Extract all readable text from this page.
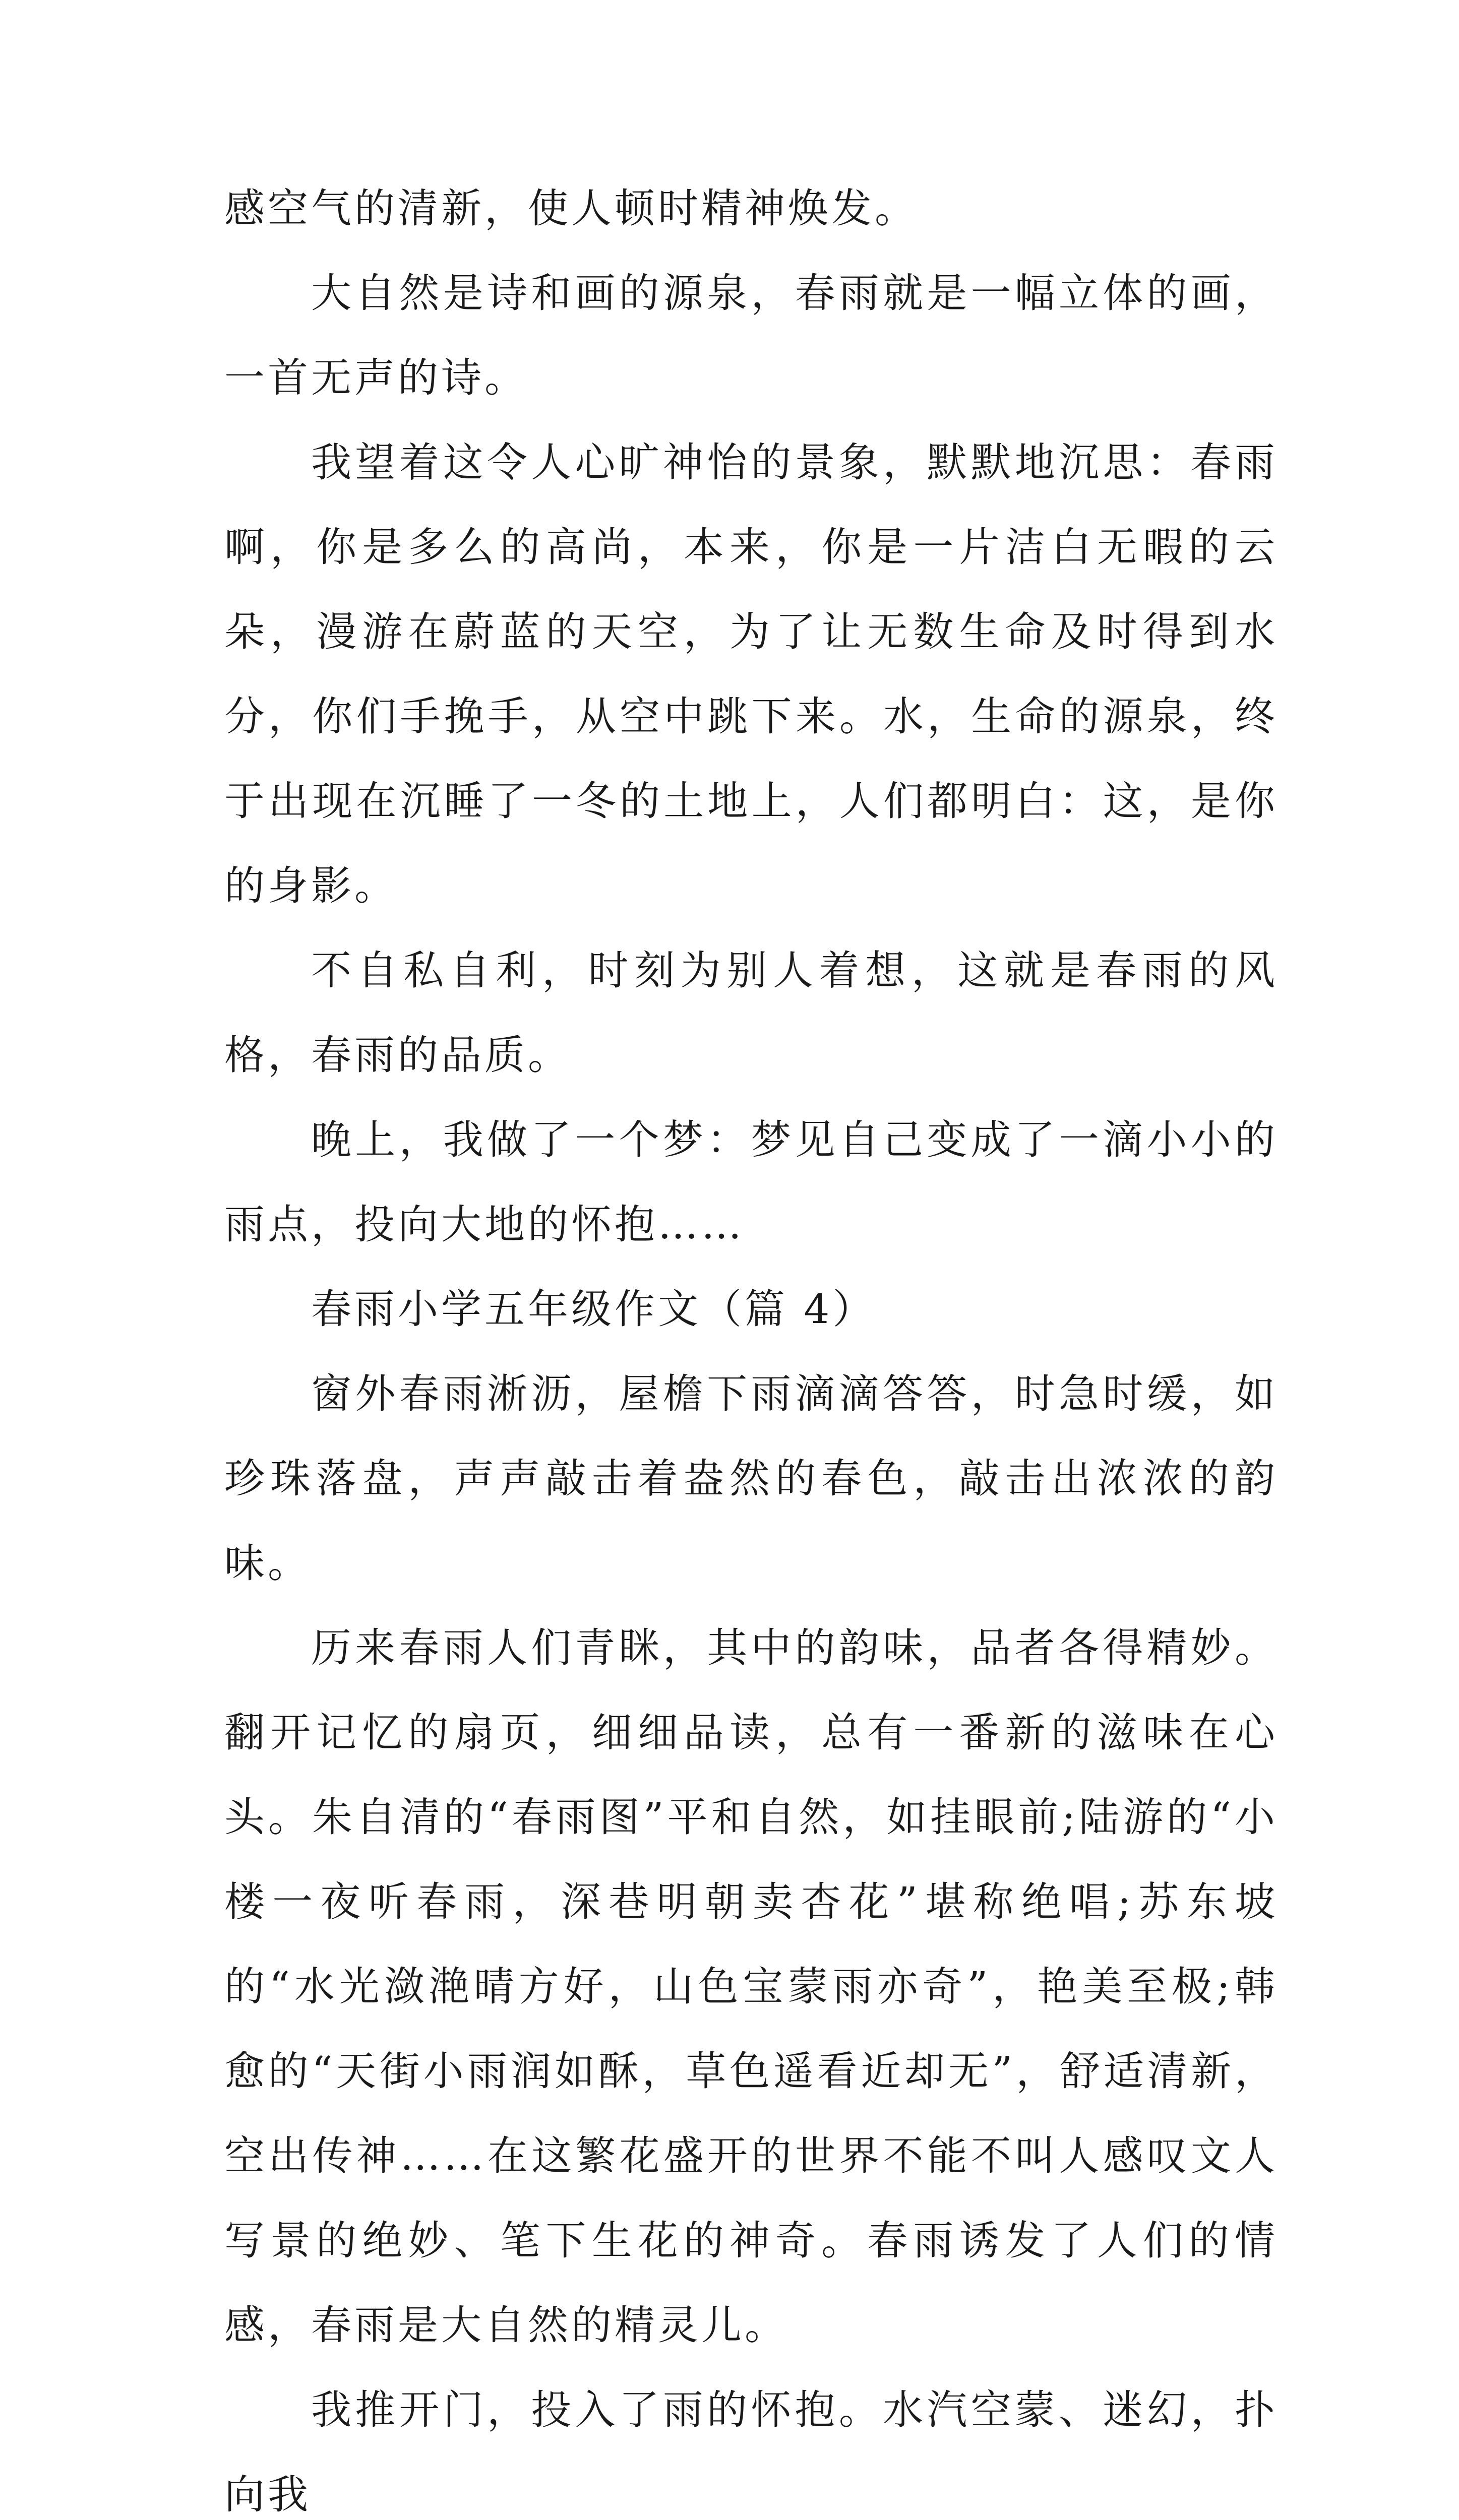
感空气的清新，使人顿时精神焕发。

大自然是诗和画的源泉，春雨就是一幅立体的画，一首无声的诗。

我望着这令人心旷神怡的景象，默默地沉思：春雨啊，你是多么的高尚，本来，你是一片洁白无暇的云朵，漫游在蔚蓝的天空，为了让无数生命及时得到水分，你们手挽手，从空中跳下来。水，生命的源泉，终于出现在沉睡了一冬的土地上，人们都明白：这，是你的身影。

不自私自利，时刻为别人着想，这就是春雨的风格，春雨的品质。

晚上，我做了一个梦：梦见自己变成了一滴小小的雨点，投向大地的怀抱……

春雨小学五年级作文（篇 4）

窗外春雨淅沥，屋檐下雨滴滴答答，时急时缓，如珍珠落盘，声声敲击着盎然的春色，敲击出浓浓的韵味。

历来春雨人们青眯，其中的韵味，品者各得精妙。翻开记忆的扇页，细细品读，总有一番新的滋味在心头。朱自清的“春雨图”平和自然，如挂眼前;陆游的“小楼一夜听春雨，深巷明朝卖杏花”堪称绝唱;苏东坡的“水光潋滟晴方好，山色宝蒙雨亦奇”，艳美至极;韩愈的“天街小雨润如酥，草色遥看近却无”，舒适清新，空出传神……在这繁花盛开的世界不能不叫人感叹文人写景的绝妙、笔下生花的神奇。春雨诱发了人们的情感，春雨是大自然的精灵儿。

我推开门，投入了雨的怀抱。水汽空蒙、迷幻，扑向我
